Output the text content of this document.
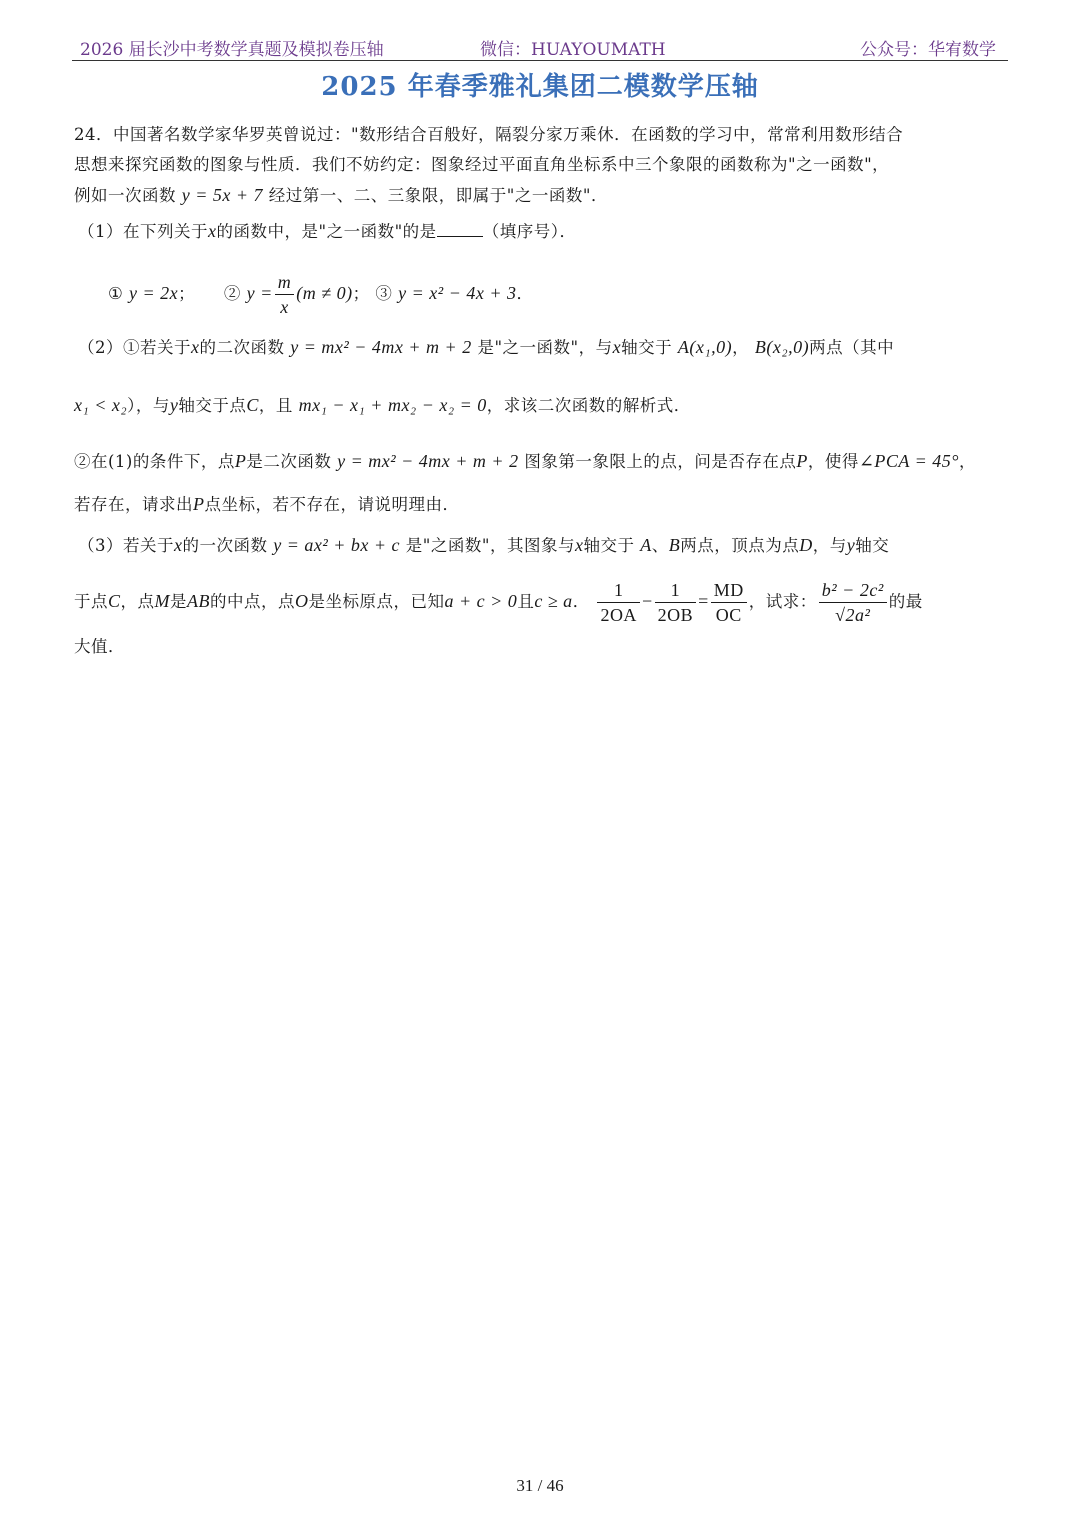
2026 届长沙中考数学真题及模拟卷压轴	微信：HUAYOUMATH	公众号：华宥数学
2025 年春季雅礼集团二模数学压轴
24．中国著名数学家华罗英曾说过："数形结合百般好，隔裂分家万乘休．在函数的学习中，常常利用数形结合
思想来探究函数的图象与性质．我们不妨约定：图象经过平面直角坐标系中三个象限的函数称为"之一函数"，
例如一次函数 y = 5x + 7 经过第一、二、三象限，即属于"之一函数"．
（1）在下列关于x的函数中，是"之一函数"的是	（填序号）．
① y = 2x； ② $y = \frac{m}{x} (m \ne 0)$； ③ y = x² − 4x + 3．
（2）①若关于x的二次函数 y = mx² − 4mx + m + 2 是"之一函数"，与x轴交于 A(x₁,0)， B(x₂,0)两点（其中
x₁ < x₂），与y轴交于点C，且 mx₁ − x₁ + mx₂ − x₂ = 0，求该二次函数的解析式．
②在(1)的条件下，点P是二次函数 y = mx² − 4mx + m + 2 图象第一象限上的点，问是否存在点P，使得∠PCA = 45°，
若存在，请求出P点坐标，若不存在，请说明理由．
（3）若关于x的一次函数 y = ax² + bx + c 是"之函数"，其图象与x轴交于 A、B两点，顶点为点D，与y轴交
于点C，点M是AB的中点，点O是坐标原点，已知a + c > 0且c ≥ a． $\frac{1}{2OA} - \frac{1}{2OB} = \frac{MD}{OC}$ ，试求： $\frac{\text{b² − 2c²}}{\text{√2a²}}$ 的最
大值．
31 / 46
